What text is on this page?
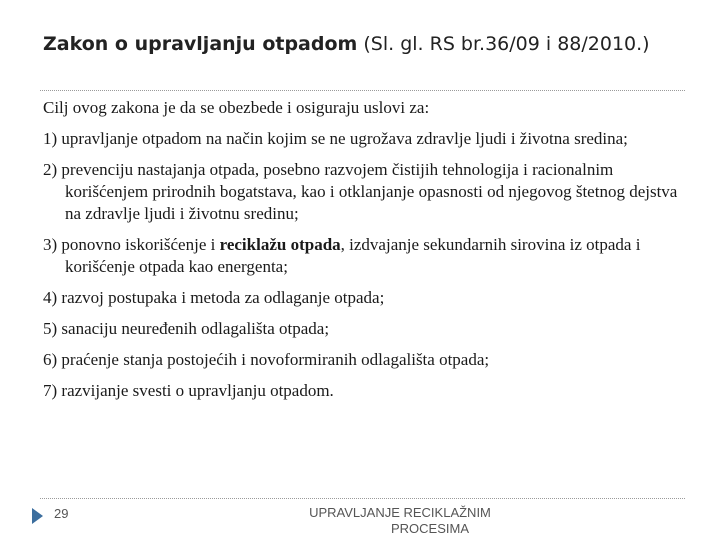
Zakon o upravljanju otpadom (Sl. gl. RS br.36/09 i 88/2010.)

Cilj ovog zakona je da se obezbede i osiguraju uslovi za:

1) upravljanje otpadom na način kojim se ne ugrožava zdravlje ljudi i životna sredina;
2) prevenciju nastajanja otpada, posebno razvojem čistijih tehnologija i racionalnim korišćenjem prirodnih bogatstava, kao i otklanjanje opasnosti od njegovog štetnog dejstva na zdravlje ljudi i životnu sredinu;
3) ponovno iskorišćenje i reciklažu otpada, izdvajanje sekundarnih sirovina iz otpada i korišćenje otpada kao energenta;
4) razvoj postupaka i metoda za odlaganje otpada;
5) sanaciju neuređenih odlagališta otpada;
6) praćenje stanja postojećih i novoformiranih odlagališta otpada;
7) razvijanje svesti o upravljanju otpadom.
29	UPRAVLJANJE RECIKLAŽNIM
PROCESIMA
